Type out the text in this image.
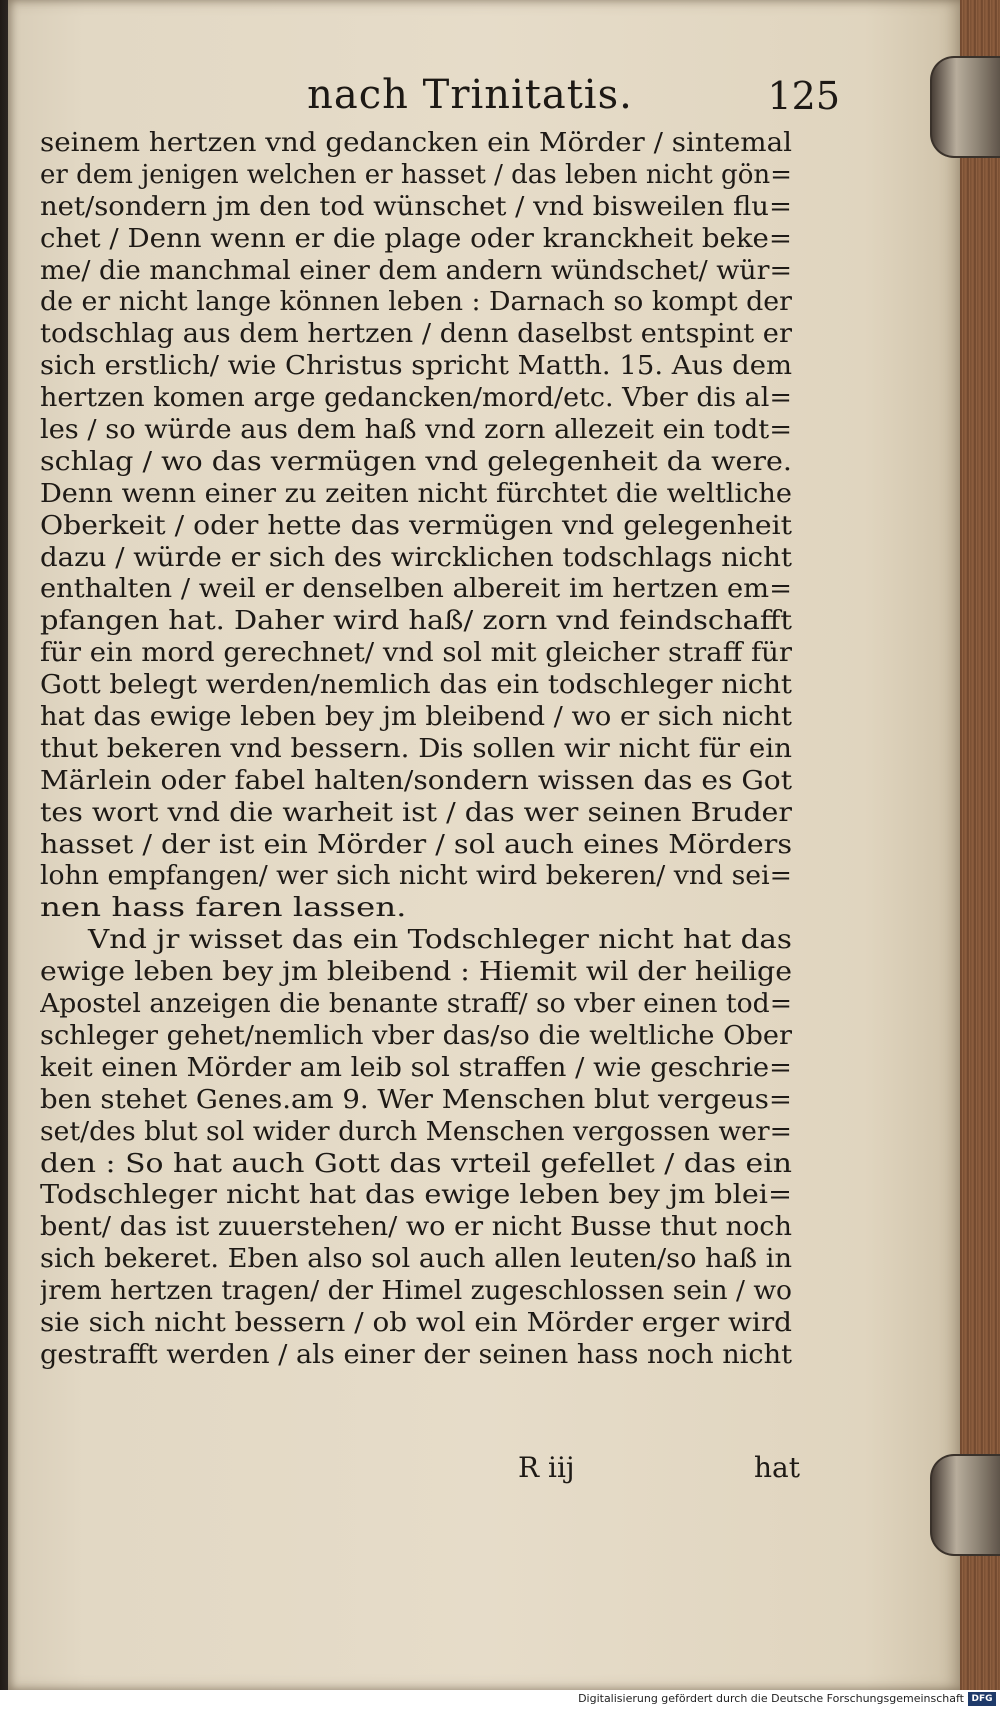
nach Trinitatis.	125
seinem hertzen vnd gedancken ein Mörder / sintemal
er dem jenigen welchen er hasset / das leben nicht gön=
net/sondern jm den tod wünschet / vnd bisweilen flu=
chet / Denn wenn er die plage oder kranckheit beke=
me/ die manchmal einer dem andern wündschet/ wür=
de er nicht lange können leben : Darnach so kompt der
todschlag aus dem hertzen / denn daselbst entspint er
sich erstlich/ wie Christus spricht Matth. 15. Aus dem
hertzen komen arge gedancken/mord/etc. Vber dis al=
les / so würde aus dem haß vnd zorn allezeit ein todt=
schlag / wo das vermügen vnd gelegenheit da were.
Denn wenn einer zu zeiten nicht fürchtet die weltliche
Oberkeit / oder hette das vermügen vnd gelegenheit
dazu / würde er sich des wircklichen todschlags nicht
enthalten / weil er denselben albereit im hertzen em=
pfangen hat. Daher wird haß/ zorn vnd feindschafft
für ein mord gerechnet/ vnd sol mit gleicher straff für
Gott belegt werden/nemlich das ein todschleger nicht
hat das ewige leben bey jm bleibend / wo er sich nicht
thut bekeren vnd bessern. Dis sollen wir nicht für ein
Märlein oder fabel halten/sondern wissen das es Got
tes wort vnd die warheit ist / das wer seinen Bruder
hasset / der ist ein Mörder / sol auch eines Mörders
lohn empfangen/ wer sich nicht wird bekeren/ vnd sei=
nen hass faren lassen.
Vnd jr wisset das ein Todschleger nicht hat das
ewige leben bey jm bleibend : Hiemit wil der heilige
Apostel anzeigen die benante straff/ so vber einen tod=
schleger gehet/nemlich vber das/so die weltliche Ober
keit einen Mörder am leib sol straffen / wie geschrie=
ben stehet Genes.am 9. Wer Menschen blut vergeus=
set/des blut sol wider durch Menschen vergossen wer=
den : So hat auch Gott das vrteil gefellet / das ein
Todschleger nicht hat das ewige leben bey jm blei=
bent/ das ist zuuerstehen/ wo er nicht Busse thut noch
sich bekeret. Eben also sol auch allen leuten/so haß in
jrem hertzen tragen/ der Himel zugeschlossen sein / wo
sie sich nicht bessern / ob wol ein Mörder erger wird
gestrafft werden / als einer der seinen hass noch nicht
R iij	hat
Digitalisierung gefördert durch die Deutsche Forschungsgemeinschaft DFG
